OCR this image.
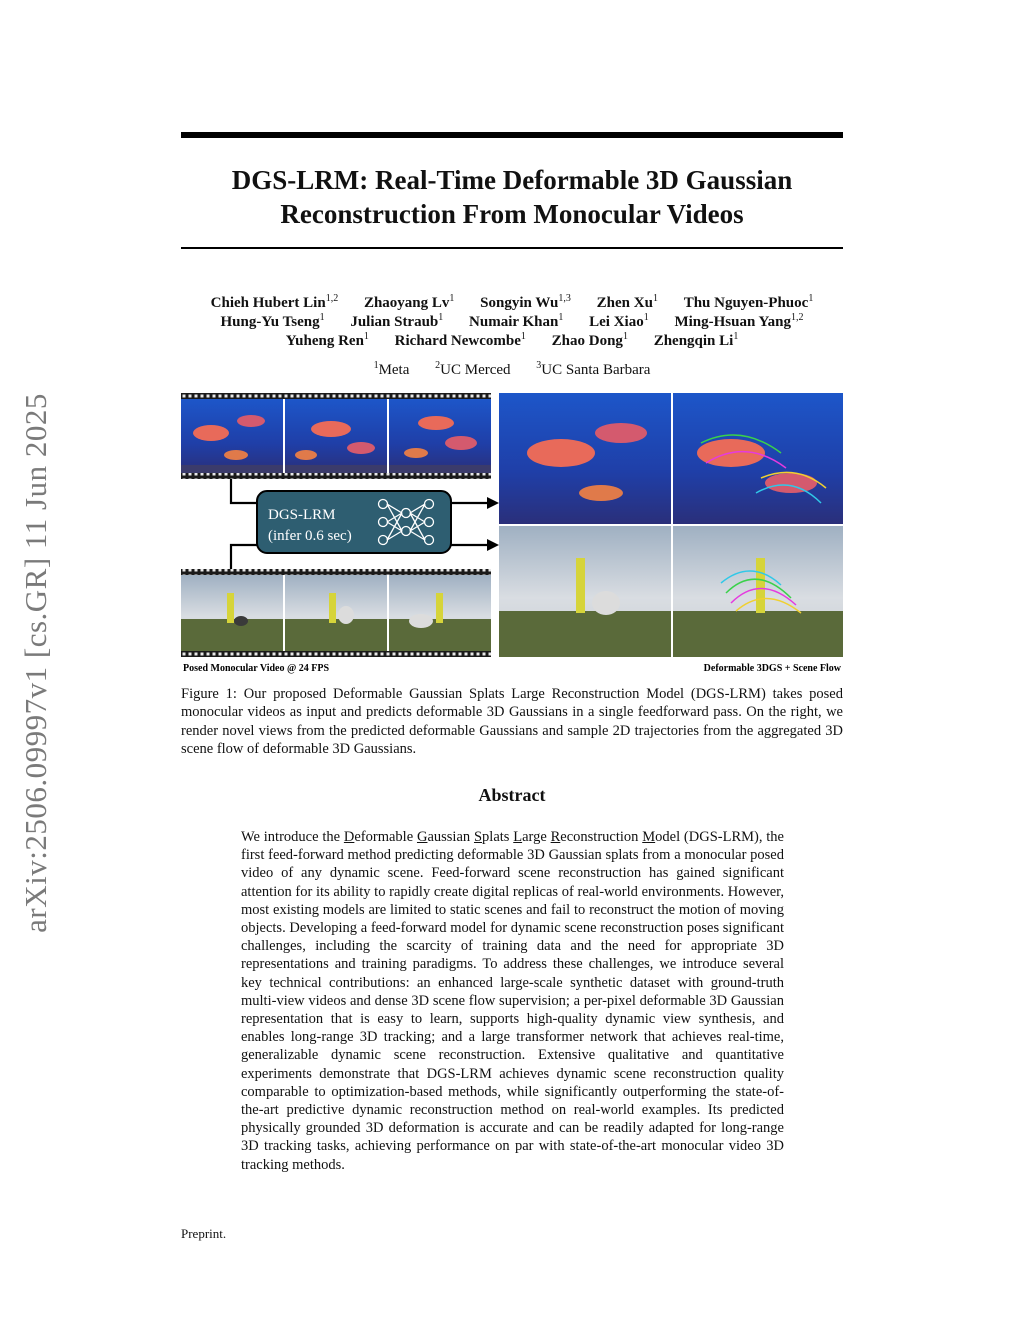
arXiv:2506.09997v1 [cs.GR] 11 Jun 2025
DGS-LRM: Real-Time Deformable 3D Gaussian
Reconstruction From Monocular Videos
Chieh Hubert Lin$^{1,2}$ Zhaoyang Lv$^1$ Songyin Wu$^{1,3}$ Zhen Xu$^1$ Thu Nguyen-Phuoc$^1$
Hung-Yu Tseng$^1$ Julian Straub$^1$ Numair Khan$^1$ Lei Xiao$^1$ Ming-Hsuan Yang$^{1,2}$
Yuheng Ren$^1$ Richard Newcombe$^1$ Zhao Dong$^1$ Zhengqin Li$^1$
$^1$Meta	$^2$UC Merced	$^3$UC Santa Barbara
DGS-LRM
(infer 0.6 sec)
Posed Monocular Video @ 24 FPS	Deformable 3DGS + Scene Flow
Figure 1: Our proposed Deformable Gaussian Splats Large Reconstruction Model (DGS-LRM) takes posed monocular videos as input and predicts deformable 3D Gaussians in a single feedforward pass. On the right, we render novel views from the predicted deformable Gaussians and sample 2D trajectories from the aggregated 3D scene flow of deformable 3D Gaussians.
Abstract
We introduce the Deformable Gaussian Splats Large Reconstruction Model (DGS-LRM), the first feed-forward method predicting deformable 3D Gaussian splats from a monocular posed video of any dynamic scene. Feed-forward scene reconstruction has gained significant attention for its ability to rapidly create digital replicas of real-world environments. However, most existing models are limited to static scenes and fail to reconstruct the motion of moving objects. Developing a feed-forward model for dynamic scene reconstruction poses significant challenges, including the scarcity of training data and the need for appropriate 3D representations and training paradigms. To address these challenges, we introduce several key technical contributions: an enhanced large-scale synthetic dataset with ground-truth multi-view videos and dense 3D scene flow supervision; a per-pixel deformable 3D Gaussian representation that is easy to learn, supports high-quality dynamic view synthesis, and enables long-range 3D tracking; and a large transformer network that achieves real-time, generalizable dynamic scene reconstruction. Extensive qualitative and quantitative experiments demonstrate that DGS-LRM achieves dynamic scene reconstruction quality comparable to optimization-based methods, while significantly outperforming the state-of-the-art predictive dynamic reconstruction method on real-world examples. Its predicted physically grounded 3D deformation is accurate and can be readily adapted for long-range 3D tracking tasks, achieving performance on par with state-of-the-art monocular video 3D tracking methods.
Preprint.
